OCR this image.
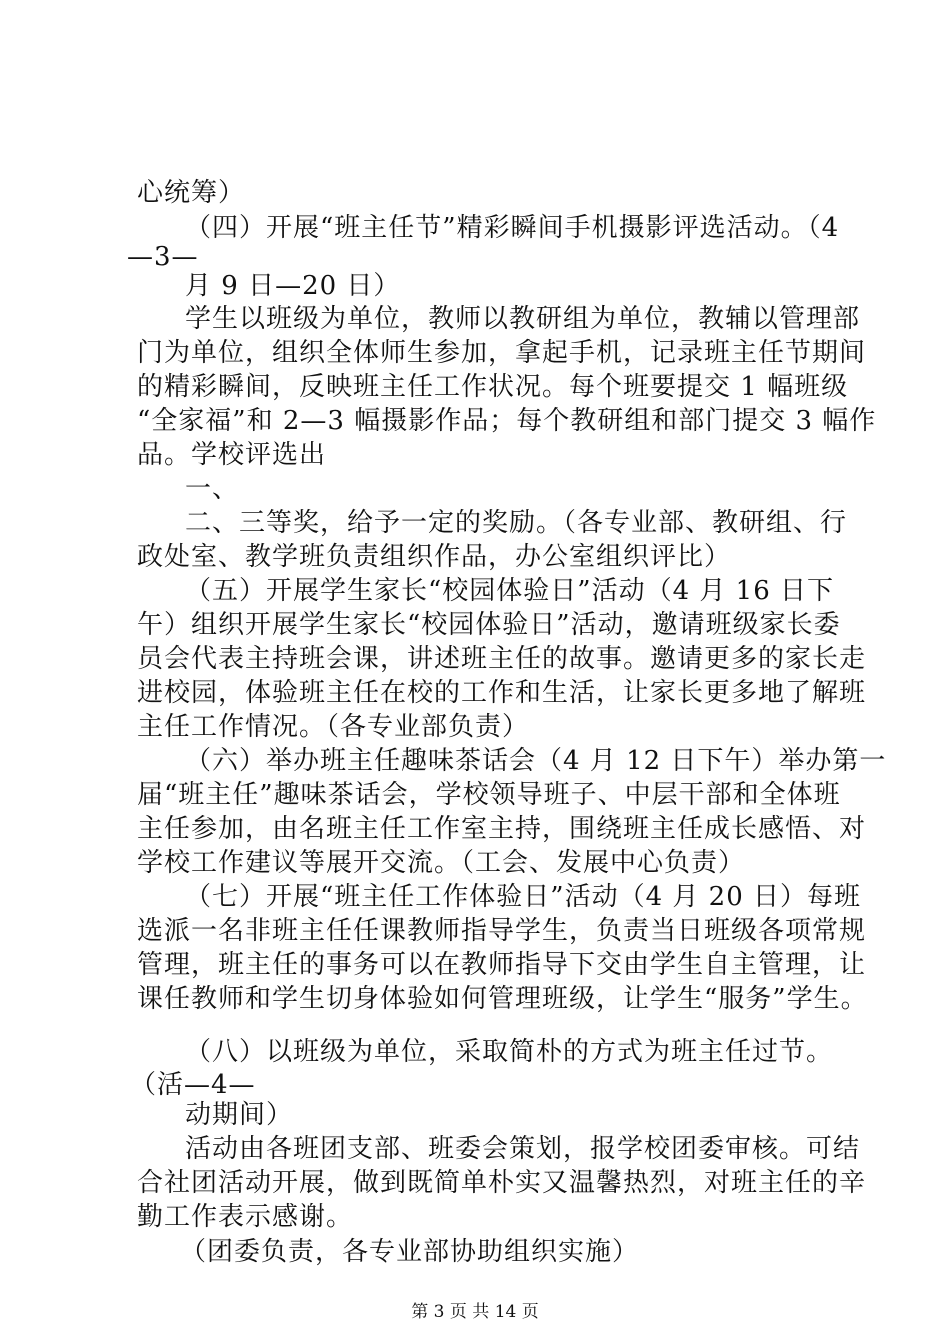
心统筹）
（四）开展“班主任节”精彩瞬间手机摄影评选活动。（4
—3—
月 9 日—20 日）
学生以班级为单位，教师以教研组为单位，教辅以管理部
门为单位，组织全体师生参加，拿起手机，记录班主任节期间
的精彩瞬间，反映班主任工作状况。每个班要提交 1 幅班级
“全家福”和 2—3 幅摄影作品；每个教研组和部门提交 3 幅作
品。学校评选出
一、
二、三等奖，给予一定的奖励。（各专业部、教研组、行
政处室、教学班负责组织作品，办公室组织评比）
（五）开展学生家长“校园体验日”活动（4 月 16 日下
午）组织开展学生家长“校园体验日”活动，邀请班级家长委
员会代表主持班会课，讲述班主任的故事。邀请更多的家长走
进校园，体验班主任在校的工作和生活，让家长更多地了解班
主任工作情况。（各专业部负责）
（六）举办班主任趣味茶话会（4 月 12 日下午）举办第一
届“班主任”趣味茶话会，学校领导班子、中层干部和全体班
主任参加，由名班主任工作室主持，围绕班主任成长感悟、对
学校工作建议等展开交流。（工会、发展中心负责）
（七）开展“班主任工作体验日”活动（4 月 20 日）每班
选派一名非班主任任课教师指导学生，负责当日班级各项常规
管理，班主任的事务可以在教师指导下交由学生自主管理，让
课任教师和学生切身体验如何管理班级，让学生“服务”学生。
（八）以班级为单位，采取简朴的方式为班主任过节。
（活—4—
动期间）
活动由各班团支部、班委会策划，报学校团委审核。可结
合社团活动开展，做到既简单朴实又温馨热烈，对班主任的辛
勤工作表示感谢。
（团委负责，各专业部协助组织实施）
第 3 页 共 14 页
